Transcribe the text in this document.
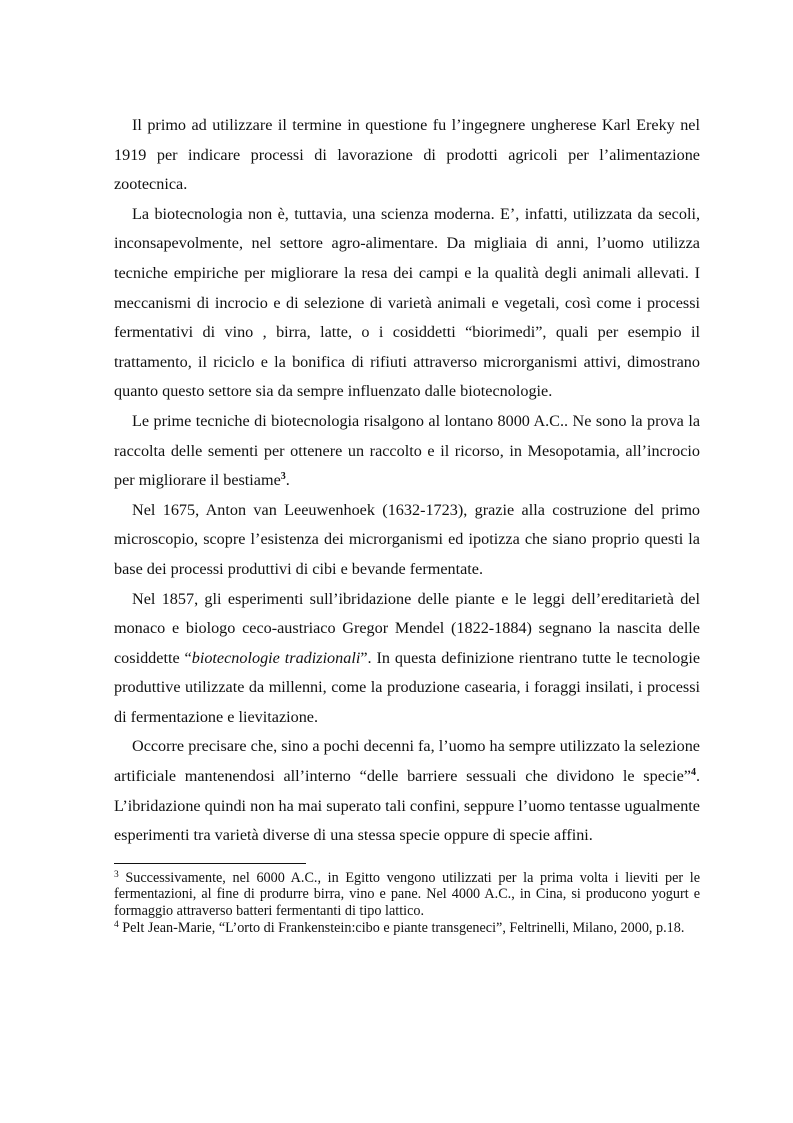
Il primo ad utilizzare il termine in questione fu l’ingegnere ungherese Karl Ereky nel 1919 per indicare processi di lavorazione di prodotti agricoli per l’alimentazione zootecnica.

La biotecnologia non è, tuttavia, una scienza moderna. E’, infatti, utilizzata da secoli, inconsapevolmente, nel settore agro-alimentare. Da migliaia di anni, l’uomo utilizza tecniche empiriche per migliorare la resa dei campi e la qualità degli animali allevati. I meccanismi di incrocio e di selezione di varietà animali e vegetali, così come i processi fermentativi di vino , birra, latte, o i cosiddetti “biorimedi”, quali per esempio il trattamento, il riciclo e la bonifica di rifiuti attraverso microrganismi attivi, dimostrano quanto questo settore sia da sempre influenzato dalle biotecnologie.

Le prime tecniche di biotecnologia risalgono al lontano 8000 A.C.. Ne sono la prova la raccolta delle sementi per ottenere un raccolto e il ricorso, in Mesopotamia, all’incrocio per migliorare il bestiame$^3$.

Nel 1675, Anton van Leeuwenhoek (1632-1723), grazie alla costruzione del primo microscopio, scopre l’esistenza dei microrganismi ed ipotizza che siano proprio questi la base dei processi produttivi di cibi e bevande fermentate.

Nel 1857, gli esperimenti sull’ibridazione delle piante e le leggi dell’ereditarietà del monaco e biologo ceco-austriaco Gregor Mendel (1822-1884) segnano la nascita delle cosiddette “biotecnologie tradizionali”. In questa definizione rientrano tutte le tecnologie produttive utilizzate da millenni, come la produzione casearia, i foraggi insilati, i processi di fermentazione e lievitazione.

Occorre precisare che, sino a pochi decenni fa, l’uomo ha sempre utilizzato la selezione artificiale mantenendosi all’interno “delle barriere sessuali che dividono le specie”$^4$. L’ibridazione quindi non ha mai superato tali confini, seppure l’uomo tentasse ugualmente esperimenti tra varietà diverse di una stessa specie oppure di specie affini.

$^3$ Successivamente, nel 6000 A.C., in Egitto vengono utilizzati per la prima volta i lieviti per le fermentazioni, al fine di produrre birra, vino e pane. Nel 4000 A.C., in Cina, si producono yogurt e formaggio attraverso batteri fermentanti di tipo lattico.

$^4$ Pelt Jean-Marie, “L’orto di Frankenstein:cibo e piante transgeneci”, Feltrinelli, Milano, 2000, p.18.
